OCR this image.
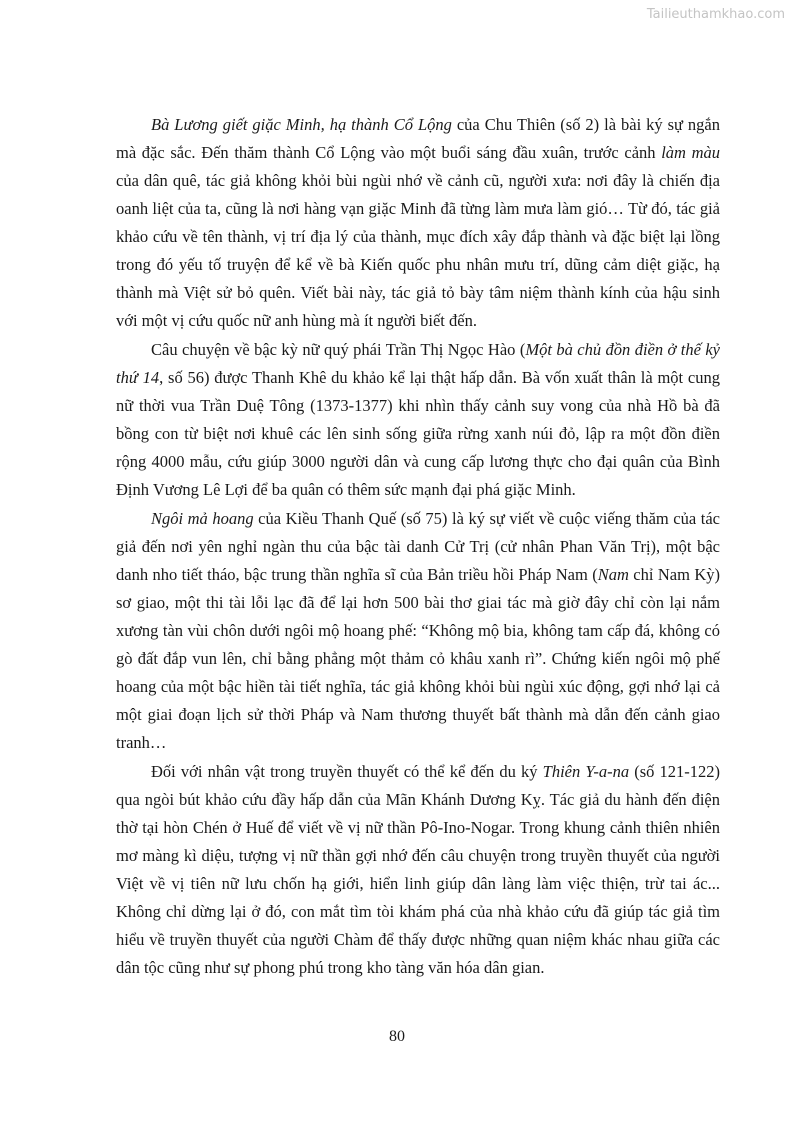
Tailieuthamkhao.com

Bà Lương giết giặc Minh, hạ thành Cổ Lộng của Chu Thiên (số 2) là bài ký sự ngắn mà đặc sắc. Đến thăm thành Cổ Lộng vào một buổi sáng đầu xuân, trước cảnh làm màu của dân quê, tác giả không khỏi bùi ngùi nhớ về cảnh cũ, người xưa: nơi đây là chiến địa oanh liệt của ta, cũng là nơi hàng vạn giặc Minh đã từng làm mưa làm gió… Từ đó, tác giả khảo cứu về tên thành, vị trí địa lý của thành, mục đích xây đắp thành và đặc biệt lại lồng trong đó yếu tố truyện để kể về bà Kiến quốc phu nhân mưu trí, dũng cảm diệt giặc, hạ thành mà Việt sử bỏ quên. Viết bài này, tác giả tỏ bày tâm niệm thành kính của hậu sinh với một vị cứu quốc nữ anh hùng mà ít người biết đến.

Câu chuyện về bậc kỳ nữ quý phái Trần Thị Ngọc Hào (Một bà chủ đồn điền ở thế kỷ thứ 14, số 56) được Thanh Khê du khảo kể lại thật hấp dẫn. Bà vốn xuất thân là một cung nữ thời vua Trần Duệ Tông (1373-1377) khi nhìn thấy cảnh suy vong của nhà Hồ bà đã bồng con từ biệt nơi khuê các lên sinh sống giữa rừng xanh núi đỏ, lập ra một đồn điền rộng 4000 mẫu, cứu giúp 3000 người dân và cung cấp lương thực cho đại quân của Bình Định Vương Lê Lợi để ba quân có thêm sức mạnh đại phá giặc Minh.

Ngôi mả hoang của Kiều Thanh Quế (số 75) là ký sự viết về cuộc viếng thăm của tác giả đến nơi yên nghỉ ngàn thu của bậc tài danh Cử Trị (cử nhân Phan Văn Trị), một bậc danh nho tiết tháo, bậc trung thần nghĩa sĩ của Bản triều hồi Pháp Nam (Nam chỉ Nam Kỳ) sơ giao, một thi tài lỗi lạc đã để lại hơn 500 bài thơ giai tác mà giờ đây chỉ còn lại nắm xương tàn vùi chôn dưới ngôi mộ hoang phế: “Không mộ bia, không tam cấp đá, không có gò đất đắp vun lên, chỉ bằng phẳng một thảm cỏ khâu xanh rì”. Chứng kiến ngôi mộ phế hoang của một bậc hiền tài tiết nghĩa, tác giả không khỏi bùi ngùi xúc động, gợi nhớ lại cả một giai đoạn lịch sử thời Pháp và Nam thương thuyết bất thành mà dẫn đến cảnh giao tranh…

Đối với nhân vật trong truyền thuyết có thể kể đến du ký Thiên Y-a-na (số 121-122) qua ngòi bút khảo cứu đầy hấp dẫn của Mãn Khánh Dương Kỵ. Tác giả du hành đến điện thờ tại hòn Chén ở Huế để viết về vị nữ thần Pô-Ino-Nogar. Trong khung cảnh thiên nhiên mơ màng kì diệu, tượng vị nữ thần gợi nhớ đến câu chuyện trong truyền thuyết của người Việt về vị tiên nữ lưu chốn hạ giới, hiển linh giúp dân làng làm việc thiện, trừ tai ác... Không chỉ dừng lại ở đó, con mắt tìm tòi khám phá của nhà khảo cứu đã giúp tác giả tìm hiểu về truyền thuyết của người Chàm để thấy được những quan niệm khác nhau giữa các dân tộc cũng như sự phong phú trong kho tàng văn hóa dân gian.

80
